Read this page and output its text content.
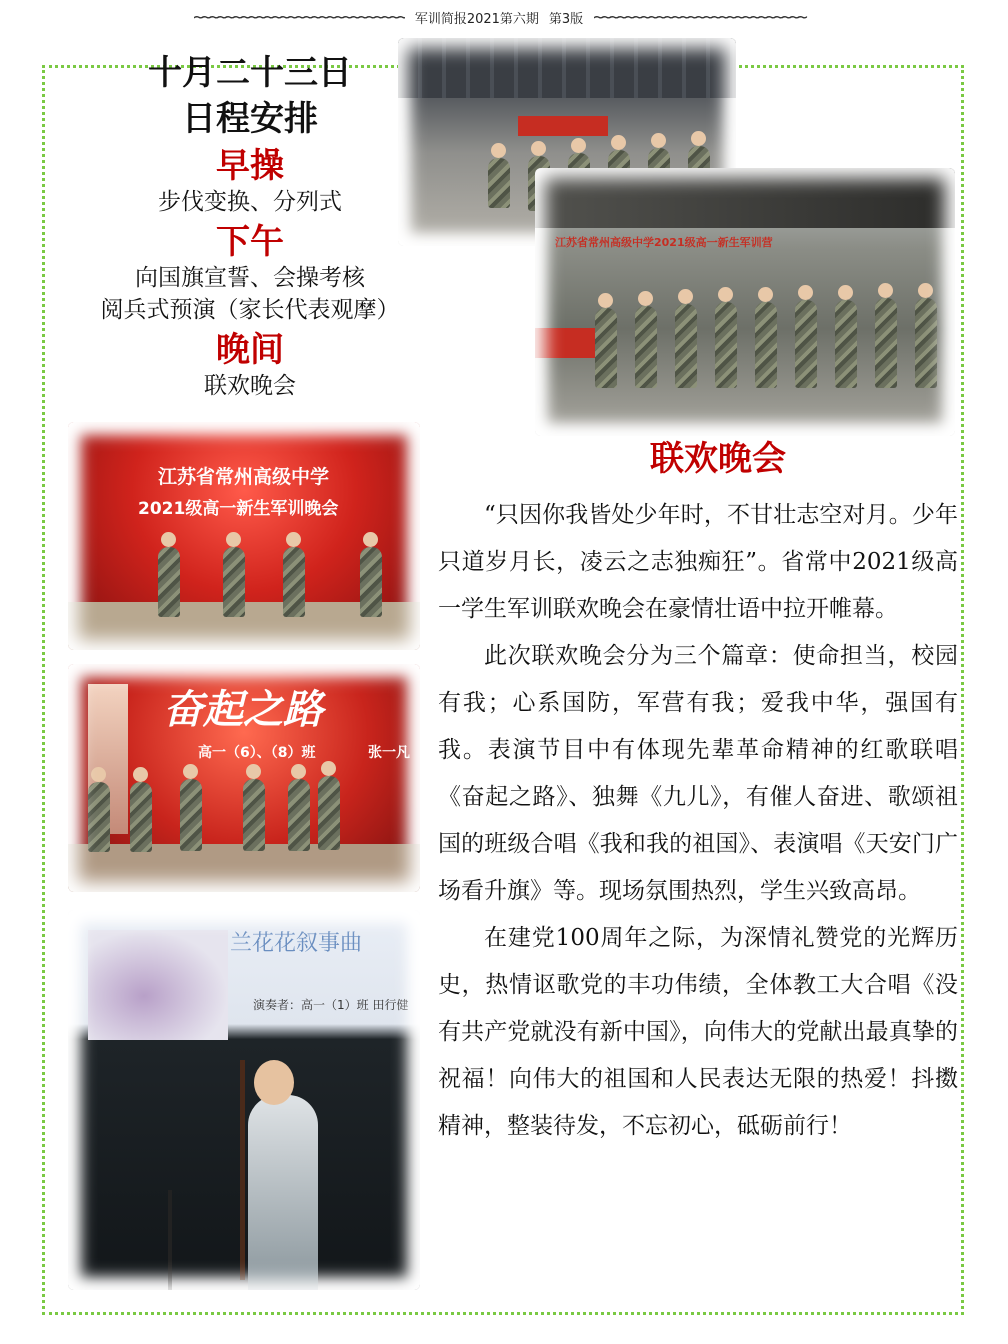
~~~~~~~~~~~~~~~~~~~~~~~~~~~ 军训简报2021第六期 第3版 ~~~~~~~~~~~~~~~~~~~~~~~~~~~
十月二十三日
日程安排
早操
步伐变换、分列式
下午
向国旗宣誓、会操考核
阅兵式预演（家长代表观摩）
晚间
联欢晚会
江苏省常州高级中学2021级高一新生军训营
江苏省常州高级中学
2021级高一新生军训晚会
奋起之路
高一（6）、（8）班	张一凡
兰花花叙事曲
演奏者：高一（1）班 田行健
联欢晚会

“只因你我皆处少年时，不甘壮志空对月。少年只道岁月长，凌云之志独痴狂”。省常中2021级高一学生军训联欢晚会在豪情壮语中拉开帷幕。

此次联欢晚会分为三个篇章：使命担当，校园有我；心系国防，军营有我；爱我中华，强国有我。表演节目中有体现先辈革命精神的红歌联唱《奋起之路》、独舞《九儿》，有催人奋进、歌颂祖国的班级合唱《我和我的祖国》、表演唱《天安门广场看升旗》等。现场氛围热烈，学生兴致高昂。

在建党100周年之际，为深情礼赞党的光辉历史，热情讴歌党的丰功伟绩，全体教工大合唱《没有共产党就没有新中国》，向伟大的党献出最真挚的祝福！向伟大的祖国和人民表达无限的热爱！抖擞精神，整装待发，不忘初心，砥砺前行！
